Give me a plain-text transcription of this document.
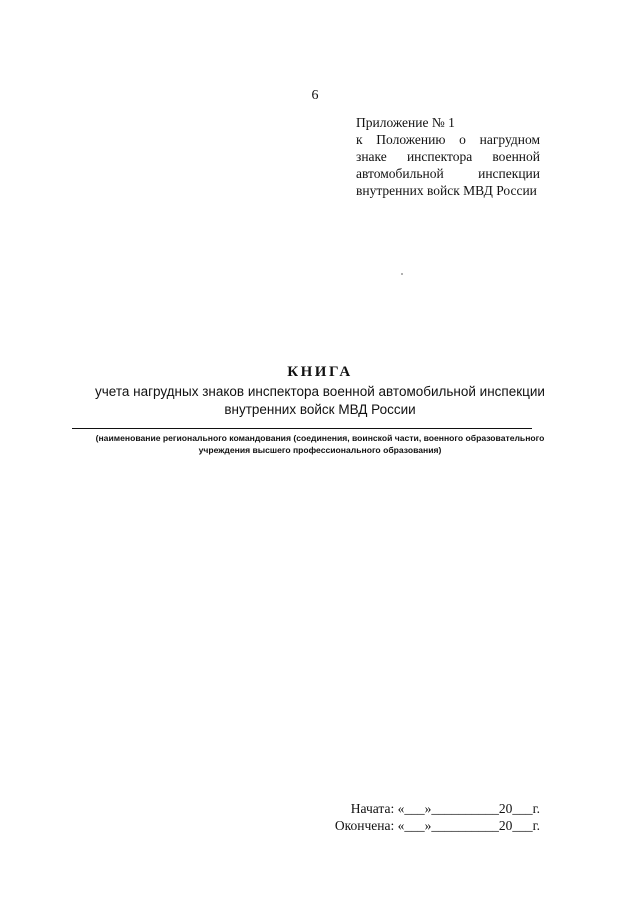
6
Приложение № 1
к Положению о нагрудном знаке инспектора военной автомобильной инспекции внутренних войск МВД России
КНИГА
учета нагрудных знаков инспектора военной автомобильной инспекции
внутренних войск МВД России
(наименование регионального командования (соединения, воинской части, военного образовательного
учреждения высшего профессионального образования)
Начата: «___»__________20___г.
Окончена: «___»__________20___г.
